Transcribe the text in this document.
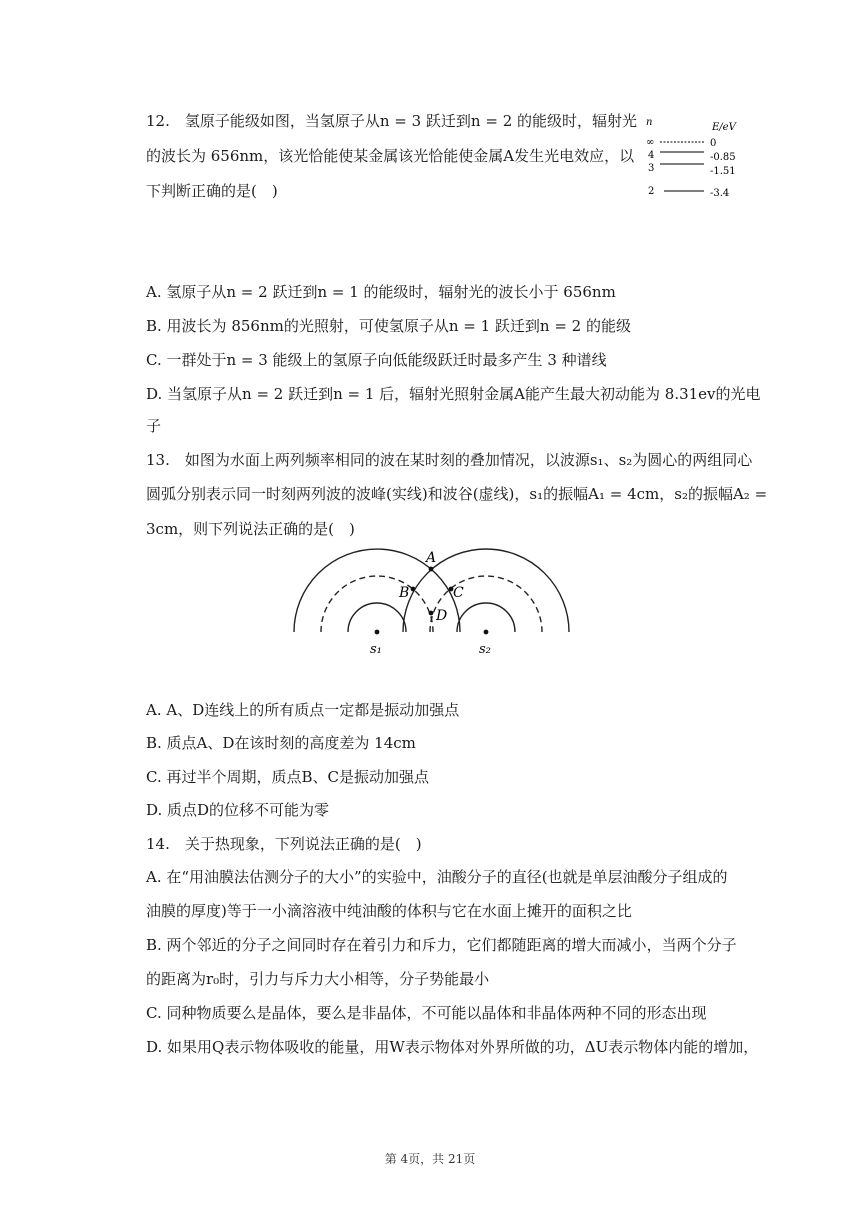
12.　氢原子能级如图，当氢原子从n = 3 跃迁到n = 2 的能级时，辐射光
的波长为 656nm，该光恰能使某金属该光恰能使金属A发生光电效应，以
下判断正确的是(　)
n	E/eV
∞	0
4	-0.85
3	-1.51
2	-3.4
A. 氢原子从n = 2 跃迁到n = 1 的能级时，辐射光的波长小于 656nm
B. 用波长为 856nm的光照射，可使氢原子从n = 1 跃迁到n = 2 的能级
C. 一群处于n = 3 能级上的氢原子向低能级跃迁时最多产生 3 种谱线
D. 当氢原子从n = 2 跃迁到n = 1 后，辐射光照射金属A能产生最大初动能为 8.31ev的光电
子
13.　如图为水面上两列频率相同的波在某时刻的叠加情况，以波源s₁、s₂为圆心的两组同心
圆弧分别表示同一时刻两列波的波峰(实线)和波谷(虚线)，s₁的振幅A₁ = 4cm，s₂的振幅A₂ =
3cm，则下列说法正确的是(　)
A
B	C
D
s₁	s₂
A. A、D连线上的所有质点一定都是振动加强点
B. 质点A、D在该时刻的高度差为 14cm
C. 再过半个周期，质点B、C是振动加强点
D. 质点D的位移不可能为零
14.　关于热现象，下列说法正确的是(　)
A. 在“用油膜法估测分子的大小”的实验中，油酸分子的直径(也就是单层油酸分子组成的
油膜的厚度)等于一小滴溶液中纯油酸的体积与它在水面上摊开的面积之比
B. 两个邻近的分子之间同时存在着引力和斥力，它们都随距离的增大而减小，当两个分子
的距离为r₀时，引力与斥力大小相等，分子势能最小
C. 同种物质要么是晶体，要么是非晶体，不可能以晶体和非晶体两种不同的形态出现
D. 如果用Q表示物体吸收的能量，用W表示物体对外界所做的功，ΔU表示物体内能的增加，
第 4页，共 21页
